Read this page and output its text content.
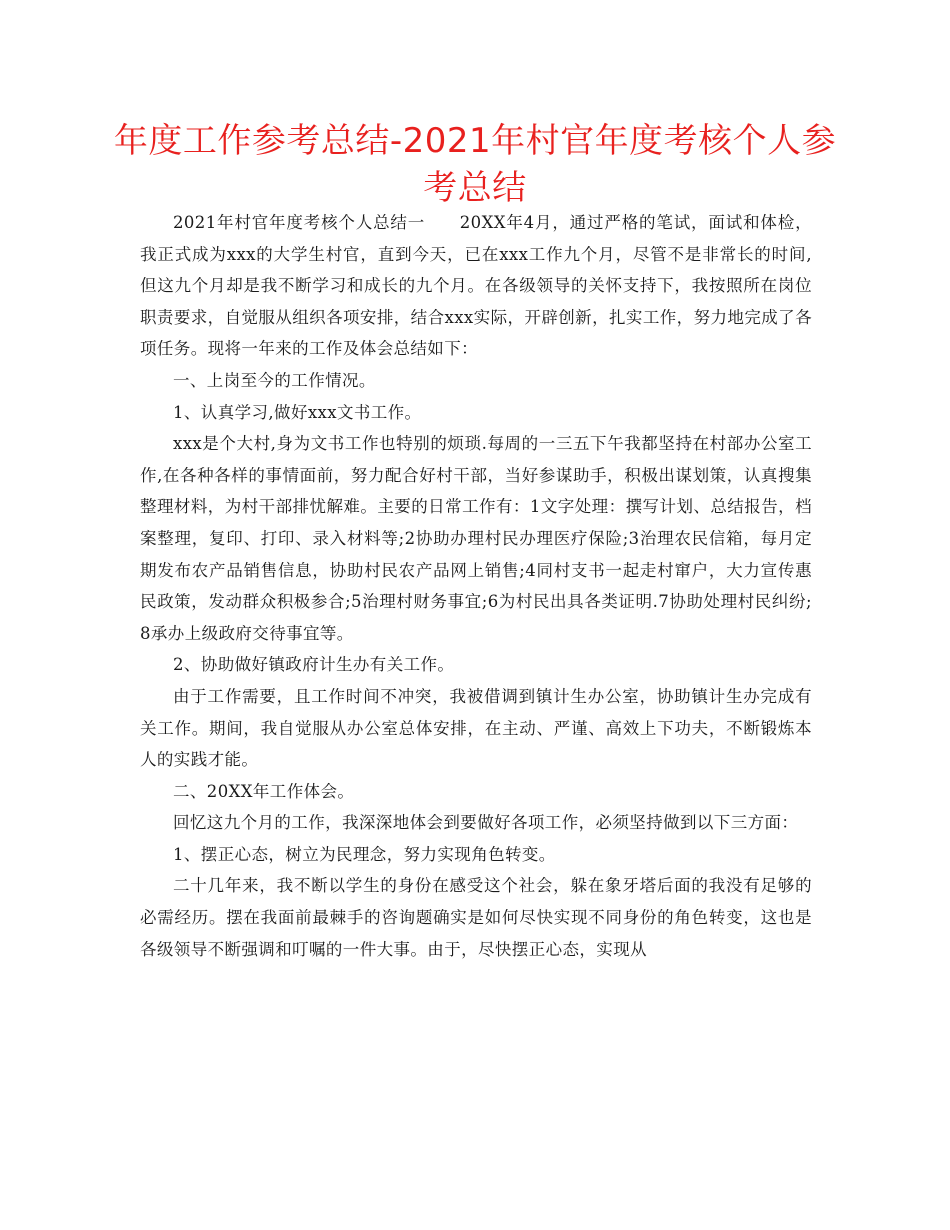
年度工作参考总结-2021年村官年度考核个人参考总结

2021年村官年度考核个人总结一　　20XX年4月，通过严格的笔试，面试和体检，我正式成为xxx的大学生村官，直到今天，已在xxx工作九个月，尽管不是非常长的时间,但这九个月却是我不断学习和成长的九个月。在各级领导的关怀支持下，我按照所在岗位职责要求，自觉服从组织各项安排，结合xxx实际，开辟创新，扎实工作，努力地完成了各项任务。现将一年来的工作及体会总结如下：

一、上岗至今的工作情况。

1、认真学习,做好xxx文书工作。

xxx是个大村,身为文书工作也特别的烦琐.每周的一三五下午我都坚持在村部办公室工作,在各种各样的事情面前，努力配合好村干部，当好参谋助手，积极出谋划策，认真搜集整理材料，为村干部排忧解难。主要的日常工作有：1文字处理：撰写计划、总结报告，档案整理，复印、打印、录入材料等;2协助办理村民办理医疗保险;3治理农民信箱，每月定期发布农产品销售信息，协助村民农产品网上销售;4同村支书一起走村窜户，大力宣传惠民政策，发动群众积极参合;5治理村财务事宜;6为村民出具各类证明.7协助处理村民纠纷;8承办上级政府交待事宜等。

2、协助做好镇政府计生办有关工作。

由于工作需要，且工作时间不冲突，我被借调到镇计生办公室，协助镇计生办完成有关工作。期间，我自觉服从办公室总体安排，在主动、严谨、高效上下功夫，不断锻炼本人的实践才能。

二、20XX年工作体会。

回忆这九个月的工作，我深深地体会到要做好各项工作，必须坚持做到以下三方面：

1、摆正心态，树立为民理念，努力实现角色转变。

二十几年来，我不断以学生的身份在感受这个社会，躲在象牙塔后面的我没有足够的必需经历。摆在我面前最棘手的咨询题确实是如何尽快实现不同身份的角色转变，这也是各级领导不断强调和叮嘱的一件大事。由于，尽快摆正心态，实现从
